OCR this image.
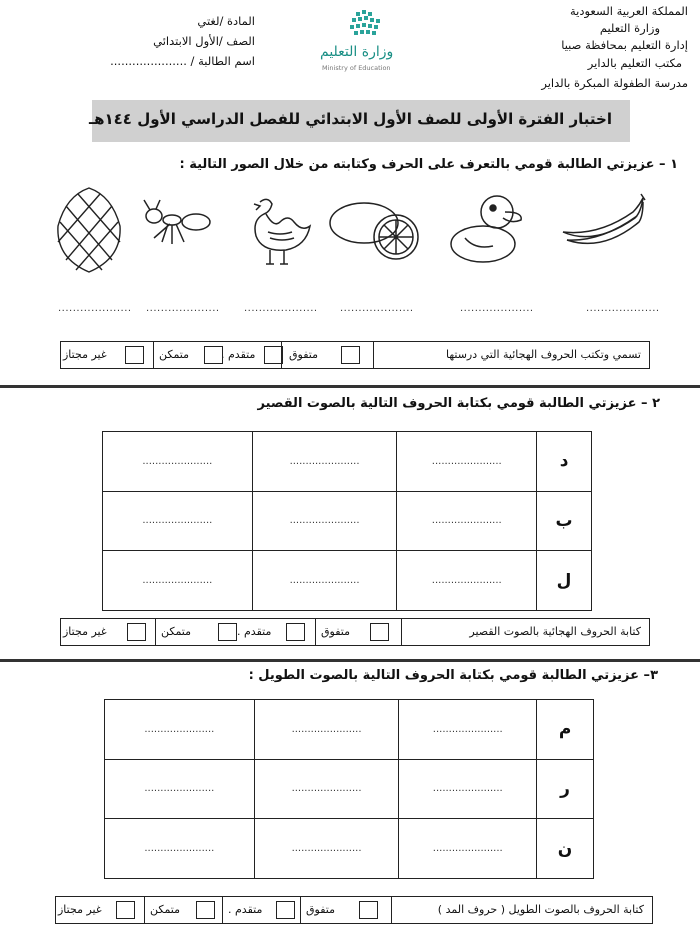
المملكة العربية السعودية
وزارة التعليم
إدارة التعليم بمحافظة صبيا
مكتب التعليم بالداير
مدرسة الطفولة المبكرة بالداير
المادة /لغتي
الصف /الأول الابتدائي
اسم الطالبة / .....................
وزارة التعليم
Ministry of Education
اختبار الفترة الأولى للصف الأول الابتدائي للفصل الدراسي الأول ١٤٤هـ
١ – عزيزتي الطالبة قومي بالتعرف على الحرف وكتابته من خلال الصور التالية :
....................
....................
....................
....................
....................
....................
تسمي وتكتب الحروف الهجائية التي درستها
متفوق
متقدم .
متمكن
غير مجتاز
٢ – عزيزتي الطالبة قومي بكتابة الحروف التالية بالصوت القصير
......................	......................	......................	د
......................	......................	......................	ب
......................	......................	......................	ل
كتابة الحروف الهجائية بالصوت القصير
متفوق
متقدم .
متمكن
غير مجتاز
٣– عزيزتي الطالبة قومي بكتابة الحروف التالية بالصوت الطويل :
......................	......................	......................	م
......................	......................	......................	ر
......................	......................	......................	ن
كتابة الحروف بالصوت الطويل ( حروف المد )
متفوق
متقدم .
متمكن
غير مجتاز
